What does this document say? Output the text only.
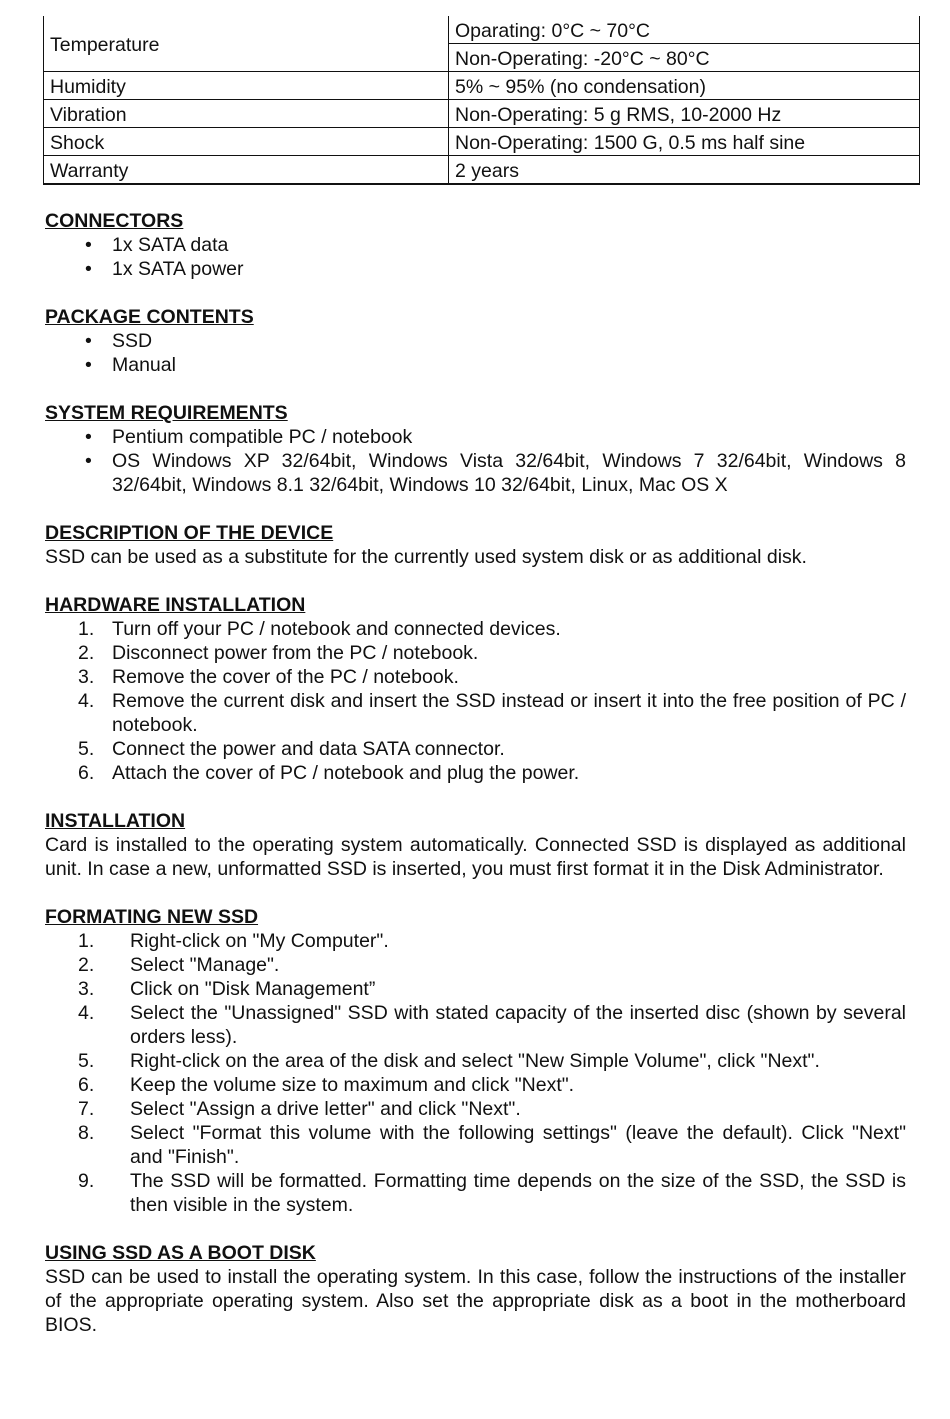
Temperature	Oparating: 0°C ~ 70°C
	Non-Operating: -20°C ~ 80°C
Humidity	5% ~ 95% (no condensation)
Vibration	Non-Operating: 5 g RMS, 10-2000 Hz
Shock	Non-Operating: 1500 G, 0.5 ms half sine
Warranty	2 years

CONNECTORS

• 1x SATA data
• 1x SATA power

PACKAGE CONTENTS

• SSD
• Manual

SYSTEM REQUIREMENTS

• Pentium compatible PC / notebook
• OS Windows XP 32/64bit, Windows Vista 32/64bit, Windows 7 32/64bit, Windows 8 32/64bit, Windows 8.1 32/64bit, Windows 10 32/64bit, Linux, Mac OS X

DESCRIPTION OF THE DEVICE

SSD can be used as a substitute for the currently used system disk or as additional disk.

HARDWARE INSTALLATION

1. Turn off your PC / notebook and connected devices.
2. Disconnect power from the PC / notebook.
3. Remove the cover of the PC / notebook.
4. Remove the current disk and insert the SSD instead or insert it into the free position of PC / notebook.
5. Connect the power and data SATA connector.
6. Attach the cover of PC / notebook and plug the power.

INSTALLATION

Card is installed to the operating system automatically. Connected SSD is displayed as additional unit. In case a new, unformatted SSD is inserted, you must first format it in the Disk Administrator.

FORMATING NEW SSD

1. Right-click on "My Computer".
2. Select "Manage".
3. Click on "Disk Management”
4. Select the "Unassigned" SSD with stated capacity of the inserted disc (shown by several orders less).
5. Right-click on the area of the disk and select "New Simple Volume", click "Next".
6. Keep the volume size to maximum and click "Next".
7. Select "Assign a drive letter" and click "Next".
8. Select "Format this volume with the following settings" (leave the default). Click "Next" and "Finish".
9. The SSD will be formatted. Formatting time depends on the size of the SSD, the SSD is then visible in the system.

USING SSD AS A BOOT DISK

SSD can be used to install the operating system. In this case, follow the instructions of the installer of the appropriate operating system. Also set the appropriate disk as a boot in the motherboard BIOS.
